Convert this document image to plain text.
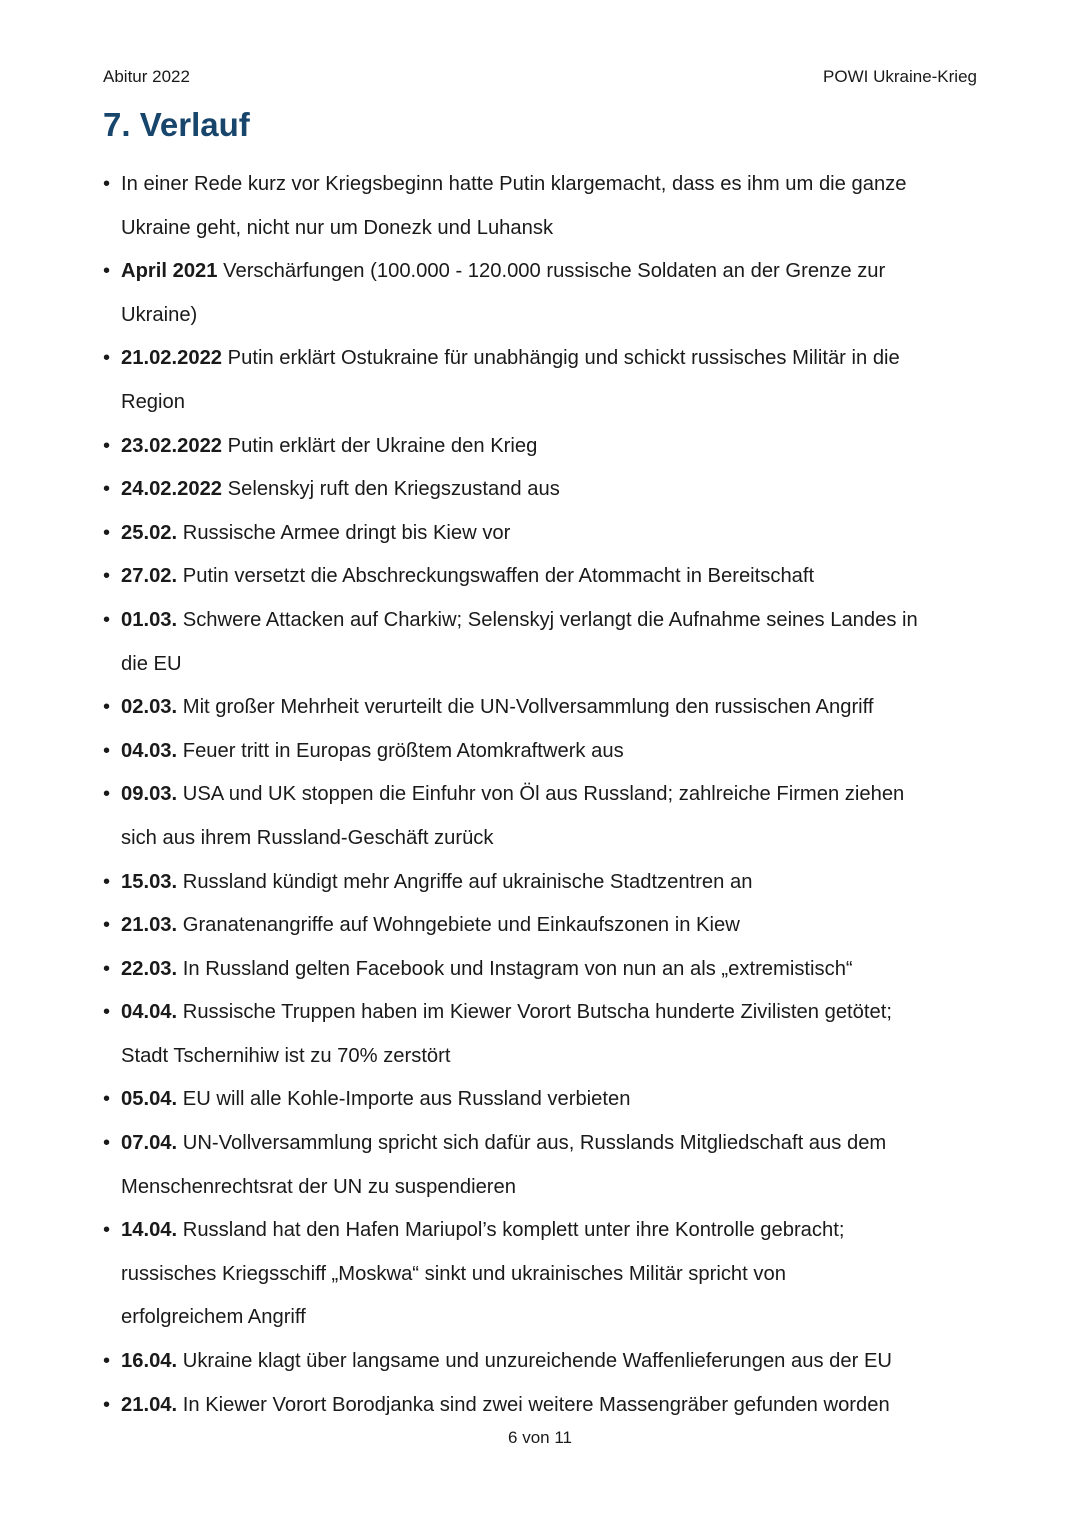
Abitur 2022	POWI Ukraine-Krieg
7. Verlauf
• In einer Rede kurz vor Kriegsbeginn hatte Putin klargemacht, dass es ihm um die ganze
Ukraine geht, nicht nur um Donezk und Luhansk
• April 2021 Verschärfungen (100.000 - 120.000 russische Soldaten an der Grenze zur
Ukraine)
• 21.02.2022 Putin erklärt Ostukraine für unabhängig und schickt russisches Militär in die
Region
• 23.02.2022 Putin erklärt der Ukraine den Krieg
• 24.02.2022 Selenskyj ruft den Kriegszustand aus
• 25.02. Russische Armee dringt bis Kiew vor
• 27.02. Putin versetzt die Abschreckungswaffen der Atommacht in Bereitschaft
• 01.03. Schwere Attacken auf Charkiw; Selenskyj verlangt die Aufnahme seines Landes in
die EU
• 02.03. Mit großer Mehrheit verurteilt die UN-Vollversammlung den russischen Angriff
• 04.03. Feuer tritt in Europas größtem Atomkraftwerk aus
• 09.03. USA und UK stoppen die Einfuhr von Öl aus Russland; zahlreiche Firmen ziehen
sich aus ihrem Russland-Geschäft zurück
• 15.03. Russland kündigt mehr Angriffe auf ukrainische Stadtzentren an
• 21.03. Granatenangriffe auf Wohngebiete und Einkaufszonen in Kiew
• 22.03. In Russland gelten Facebook und Instagram von nun an als „extremistisch“
• 04.04. Russische Truppen haben im Kiewer Vorort Butscha hunderte Zivilisten getötet;
Stadt Tschernihiw ist zu 70% zerstört
• 05.04. EU will alle Kohle-Importe aus Russland verbieten
• 07.04. UN-Vollversammlung spricht sich dafür aus, Russlands Mitgliedschaft aus dem
Menschenrechtsrat der UN zu suspendieren
• 14.04. Russland hat den Hafen Mariupol’s komplett unter ihre Kontrolle gebracht;
russisches Kriegsschiff „Moskwa“ sinkt und ukrainisches Militär spricht von
erfolgreichem Angriff
• 16.04. Ukraine klagt über langsame und unzureichende Waffenlieferungen aus der EU
• 21.04. In Kiewer Vorort Borodjanka sind zwei weitere Massengräber gefunden worden
6 von 11
